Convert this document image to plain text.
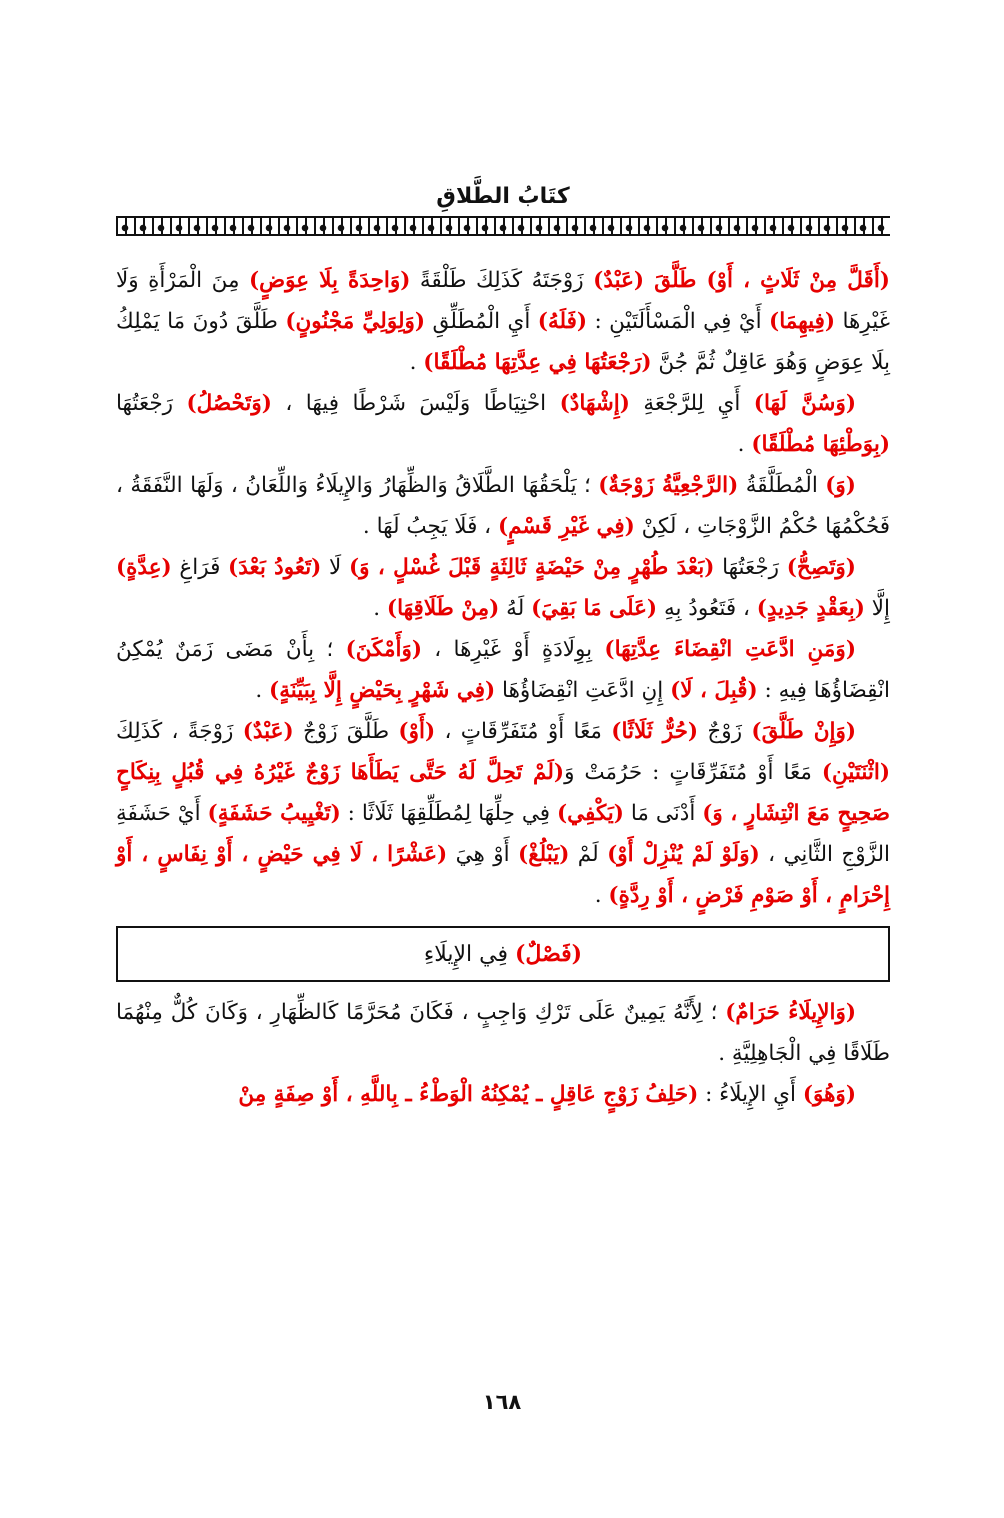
كتَابُ الطَّلاقِ

(أَقَلَّ مِنْ ثَلَاثٍ ، أَوْ) طَلَّقَ (عَبْدٌ) زَوْجَتَهُ كَذَلِكَ طَلْقَةً (وَاحِدَةً بِلَا عِوَضٍ) مِنَ الْمَرْأَةِ وَلَا غَيْرِهَا (فِيهِمَا) أَيْ فِي الْمَسْأَلَتَيْنِ : (فَلَهُ) أَيِ الْمُطَلِّقِ (وَلِوَلِيِّ مَجْنُونٍ) طَلَّقَ دُونَ مَا يَمْلِكُ بِلَا عِوَضٍ وَهُوَ عَاقِلٌ ثُمَّ جُنَّ (رَجْعَتُهَا فِي عِدَّتِهَا مُطْلَقًا) .

(وَسُنَّ لَهَا) أَيِ لِلرَّجْعَةِ (إِشْهَادٌ) احْتِيَاطًا وَلَيْسَ شَرْطًا فِيهَا ، (وَتَحْصُلُ) رَجْعَتُهَا (بِوَطْئِهَا مُطْلَقًا) .

(وَ) الْمُطَلَّقَةُ (الرَّجْعِيَّةُ زَوْجَةٌ) ؛ يَلْحَقُهَا الطَّلَاقُ وَالظِّهَارُ وَالإِيلَاءُ وَاللِّعَانُ ، وَلَهَا النَّفَقَةُ ، فَحُكْمُهَا حُكْمُ الزَّوْجَاتِ ، لَكِنْ (فِي غَيْرِ قَسْمٍ) ، فَلَا يَجِبُ لَهَا .

(وَتَصِحُّ) رَجْعَتُهَا (بَعْدَ طُهْرٍ مِنْ حَيْضَةٍ ثَالِثَةٍ قَبْلَ غُسْلٍ ، وَ) لَا (تَعُودُ بَعْدَ) فَرَاغِ (عِدَّةٍ) إِلَّا (بِعَقْدٍ جَدِيدٍ) ، فَتَعُودُ بِهِ (عَلَى مَا بَقِيَ) لَهُ (مِنْ طَلَاقِهَا) .

(وَمَنِ ادَّعَتِ انْقِضَاءَ عِدَّتِهَا) بِوِلَادَةٍ أَوْ غَيْرِهَا ، (وَأَمْكَنَ) ؛ بِأَنْ مَضَى زَمَنٌ يُمْكِنُ انْقِضَاؤُهَا فِيهِ : (قُبِلَ ، لَا) إِنِ ادَّعَتِ انْقِضَاؤُهَا (فِي شَهْرٍ بِحَيْضٍ إِلَّا بِبَيِّنَةٍ) .

(وَإِنْ طَلَّقَ) زَوْجٌ (حُرٌّ ثَلَاثًا) مَعًا أَوْ مُتَفَرِّقَاتٍ ، (أَوْ) طَلَّقَ زَوْجٌ (عَبْدٌ) زَوْجَةً ، كَذَلِكَ (اثْنَتَيْنِ) مَعًا أَوْ مُتَفَرِّقَاتٍ : حَرُمَتْ وَ(لَمْ تَحِلَّ لَهُ حَتَّى يَطَأَهَا زَوْجٌ غَيْرُهُ فِي قُبُلٍ بِنِكَاحٍ صَحِيحٍ مَعَ انْتِشَارٍ ، وَ) أَدْنَى مَا (يَكْفِي) فِي حِلِّهَا لِمُطَلِّقِهَا ثَلَاثًا : (تَغْيِيبُ حَشَفَةٍ) أَيْ حَشَفَةِ الزَّوْجِ الثَّانِي ، (وَلَوْ لَمْ يُنْزِلْ أَوْ) لَمْ (يَبْلُغْ) أَوْ هِيَ (عَشْرًا ، لَا فِي حَيْضٍ ، أَوْ نِفَاسٍ ، أَوْ إِحْرَامٍ ، أَوْ صَوْمِ فَرْضٍ ، أَوْ رِدَّةٍ) .

(فَصْلٌ) فِي الإِيلَاءِ

(وَالإِيلَاءُ حَرَامٌ) ؛ لِأَنَّهُ يَمِينٌ عَلَى تَرْكِ وَاجِبٍ ، فَكَانَ مُحَرَّمًا كَالظِّهَارِ ، وَكَانَ كُلٌّ مِنْهُمَا طَلَاقًا فِي الْجَاهِلِيَّةِ .

(وَهُوَ) أَيِ الإِيلَاءُ : (حَلِفُ زَوْجٍ عَاقِلٍ ـ يُمْكِنُهُ الْوَطْءُ ـ بِاللَّهِ ، أَوْ صِفَةٍ مِنْ

١٦٨
